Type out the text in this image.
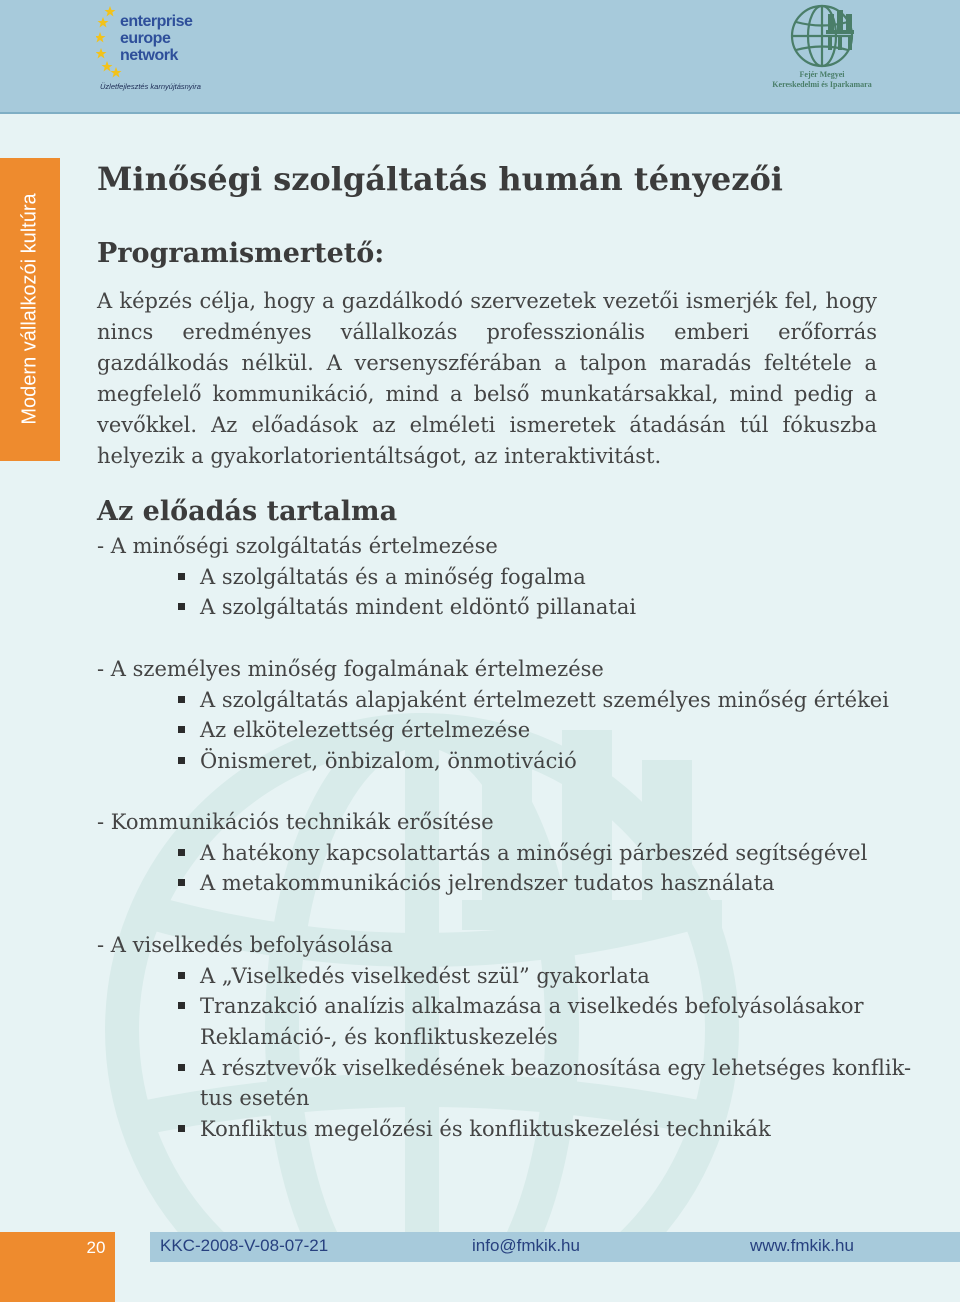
enterprise
europe
network
Üzletfejlesztés karnyújtásnyira
Fejér Megyei
Kereskedelmi és Iparkamara
Modern vállalkozói kultúra
Minőségi szolgáltatás humán tényezői
Programismertető:

A képzés célja, hogy a gazdálkodó szervezetek vezetői ismerjék fel, hogy nincs eredményes vállalkozás professzionális emberi erőforrás gazdálkodás nélkül. A versenyszférában a talpon maradás feltétele a megfelelő kommunikáció, mind a belső munkatársakkal, mind pedig a vevőkkel. Az előadások az elméleti ismeretek átadásán túl fókuszba helyezik a gyakorlatorientáltságot, az interaktivitást.

Az előadás tartalma
- A minőségi szolgáltatás értelmezése
A szolgáltatás és a minőség fogalma
A szolgáltatás mindent eldöntő pillanatai
- A személyes minőség fogalmának értelmezése
A szolgáltatás alapjaként értelmezett személyes minőség értékei
Az elkötelezettség értelmezése
Önismeret, önbizalom, önmotiváció
- Kommunikációs technikák erősítése
A hatékony kapcsolattartás a minőségi párbeszéd segítségével
A metakommunikációs jelrendszer tudatos használata
- A viselkedés befolyásolása
A „Viselkedés viselkedést szül” gyakorlata
Tranzakció analízis alkalmazása a viselkedés befolyásolásakor
Reklamáció-, és konfliktuskezelés
A résztvevők viselkedésének beazonosítása egy lehetséges konflik-
tus esetén
Konfliktus megelőzési és konfliktuskezelési technikák
20	KKC-2008-V-08-07-21	info@fmkik.hu	www.fmkik.hu
